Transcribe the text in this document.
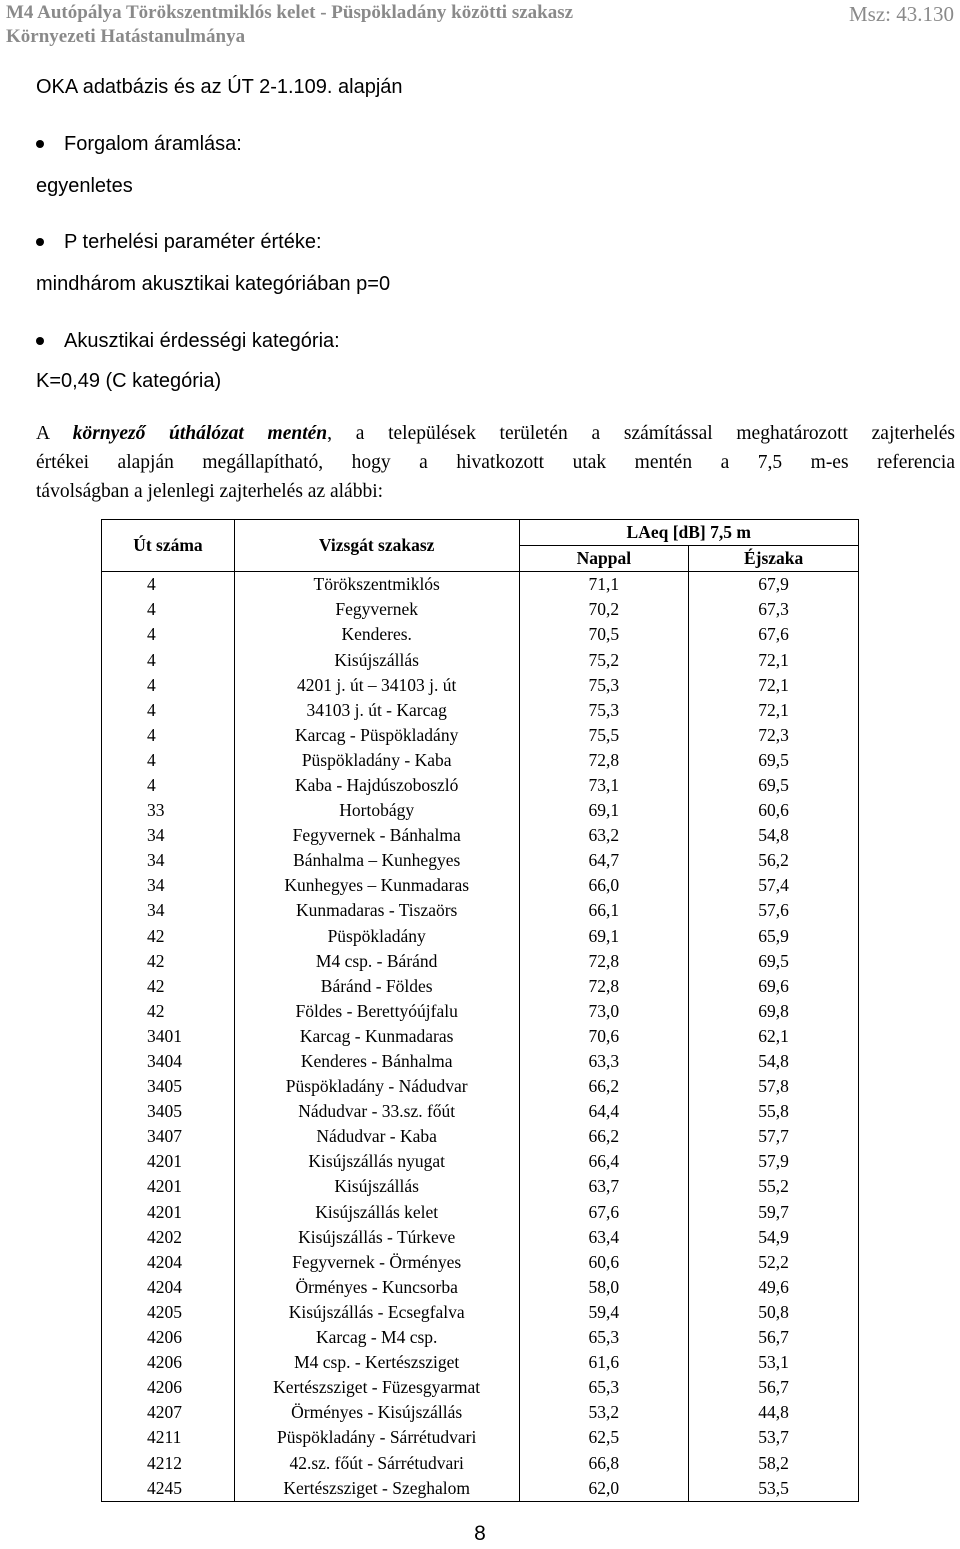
M4 Autópálya Törökszentmiklós kelet - Püspökladány közötti szakasz	Msz: 43.130
Környezeti Hatástanulmánya
OKA adatbázis és az ÚT 2-1.109. alapján
Forgalom áramlása:
egyenletes
P terhelési paraméter értéke:
mindhárom akusztikai kategóriában p=0
Akusztikai érdességi kategória:
K=0,49 (C kategória)
A környező úthálózat mentén, a települések területén a számítással meghatározott zajterhelés
értékei alapján megállapítható, hogy a hivatkozott utak mentén a 7,5 m-es referencia
távolságban a jelenlegi zajterhelés az alábbi:
Út száma	Vizsgát szakasz	LAeq [dB] 7,5 m	
		Nappal	Éjszaka
4	Törökszentmiklós	71,1	67,9
4	Fegyvernek	70,2	67,3
4	Kenderes.	70,5	67,6
4	Kisújszállás	75,2	72,1
4	4201 j. út – 34103 j. út	75,3	72,1
4	34103 j. út - Karcag	75,3	72,1
4	Karcag - Püspökladány	75,5	72,3
4	Püspökladány - Kaba	72,8	69,5
4	Kaba - Hajdúszoboszló	73,1	69,5
33	Hortobágy	69,1	60,6
34	Fegyvernek - Bánhalma	63,2	54,8
34	Bánhalma – Kunhegyes	64,7	56,2
34	Kunhegyes – Kunmadaras	66,0	57,4
34	Kunmadaras - Tiszaörs	66,1	57,6
42	Püspökladány	69,1	65,9
42	M4 csp. - Báránd	72,8	69,5
42	Báránd - Földes	72,8	69,6
42	Földes - Berettyóújfalu	73,0	69,8
3401	Karcag - Kunmadaras	70,6	62,1
3404	Kenderes - Bánhalma	63,3	54,8
3405	Püspökladány - Nádudvar	66,2	57,8
3405	Nádudvar - 33.sz. főút	64,4	55,8
3407	Nádudvar - Kaba	66,2	57,7
4201	Kisújszállás nyugat	66,4	57,9
4201	Kisújszállás	63,7	55,2
4201	Kisújszállás kelet	67,6	59,7
4202	Kisújszállás - Túrkeve	63,4	54,9
4204	Fegyvernek - Örményes	60,6	52,2
4204	Örményes - Kuncsorba	58,0	49,6
4205	Kisújszállás - Ecsegfalva	59,4	50,8
4206	Karcag - M4 csp.	65,3	56,7
4206	M4 csp. - Kertészsziget	61,6	53,1
4206	Kertészsziget - Füzesgyarmat	65,3	56,7
4207	Örményes - Kisújszállás	53,2	44,8
4211	Püspökladány - Sárrétudvari	62,5	53,7
4212	42.sz. főút - Sárrétudvari	66,8	58,2
4245	Kertészsziget - Szeghalom	62,0	53,5
8
